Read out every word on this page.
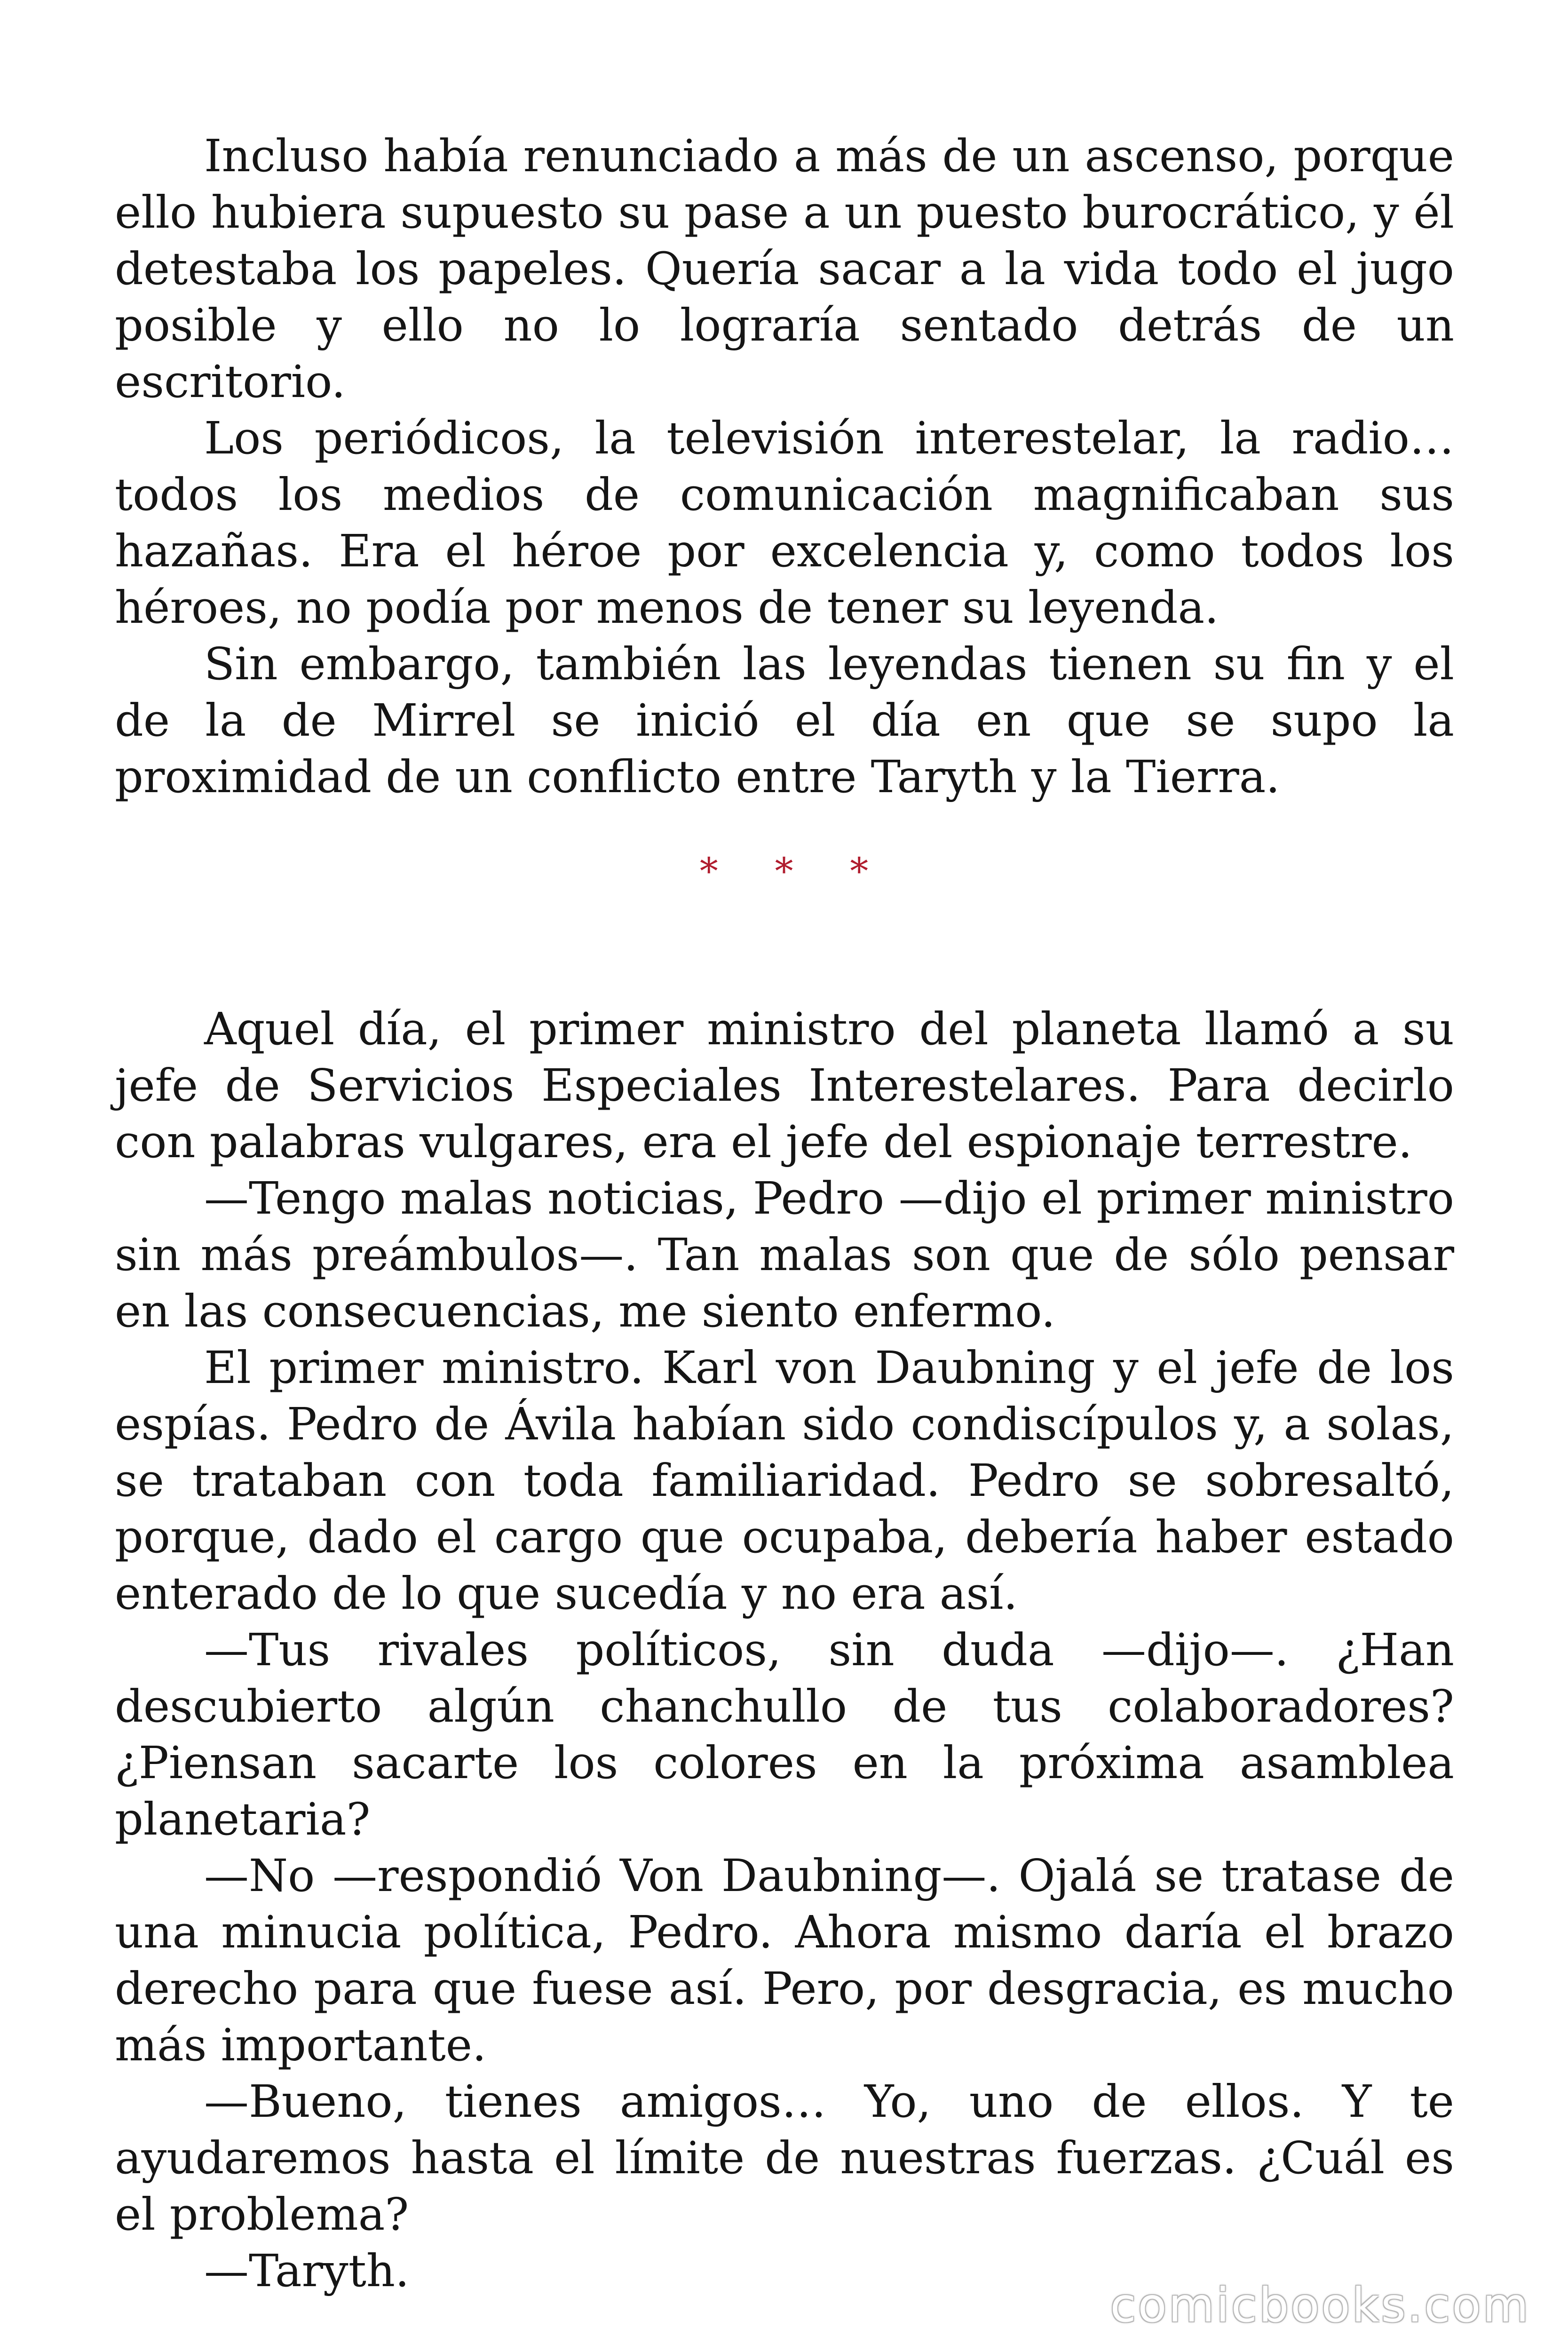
Incluso había renunciado a más de un ascenso, porque ello hubiera supuesto su pase a un puesto burocrático, y él detestaba los papeles. Quería sacar a la vida todo el jugo posible y ello no lo lograría sentado detrás de un escritorio.

Los periódicos, la televisión interestelar, la radio… todos los medios de comunicación magnificaban sus hazañas. Era el héroe por excelencia y, como todos los héroes, no podía por menos de tener su leyenda.

Sin embargo, también las leyendas tienen su fin y el de la de Mirrel se inició el día en que se supo la proximidad de un conflicto entre Taryth y la Tierra.

* * *

Aquel día, el primer ministro del planeta llamó a su jefe de Servicios Especiales Interestelares. Para decirlo con palabras vulgares, era el jefe del espionaje terrestre.

—Tengo malas noticias, Pedro —dijo el primer ministro sin más preámbulos—. Tan malas son que de sólo pensar en las consecuencias, me siento enfermo.

El primer ministro. Karl von Daubning y el jefe de los espías. Pedro de Ávila habían sido condiscípulos y, a solas, se trataban con toda familiaridad. Pedro se sobresaltó, porque, dado el cargo que ocupaba, debería haber estado enterado de lo que sucedía y no era así.

—Tus rivales políticos, sin duda —dijo—. ¿Han descubierto algún chanchullo de tus colaboradores? ¿Piensan sacarte los colores en la próxima asamblea planetaria?

—No —respondió Von Daubning—. Ojalá se tratase de una minucia política, Pedro. Ahora mismo daría el brazo derecho para que fuese así. Pero, por desgracia, es mucho más importante.

—Bueno, tienes amigos… Yo, uno de ellos. Y te ayudaremos hasta el límite de nuestras fuerzas. ¿Cuál es el problema?

—Taryth.

comicbooks.com
